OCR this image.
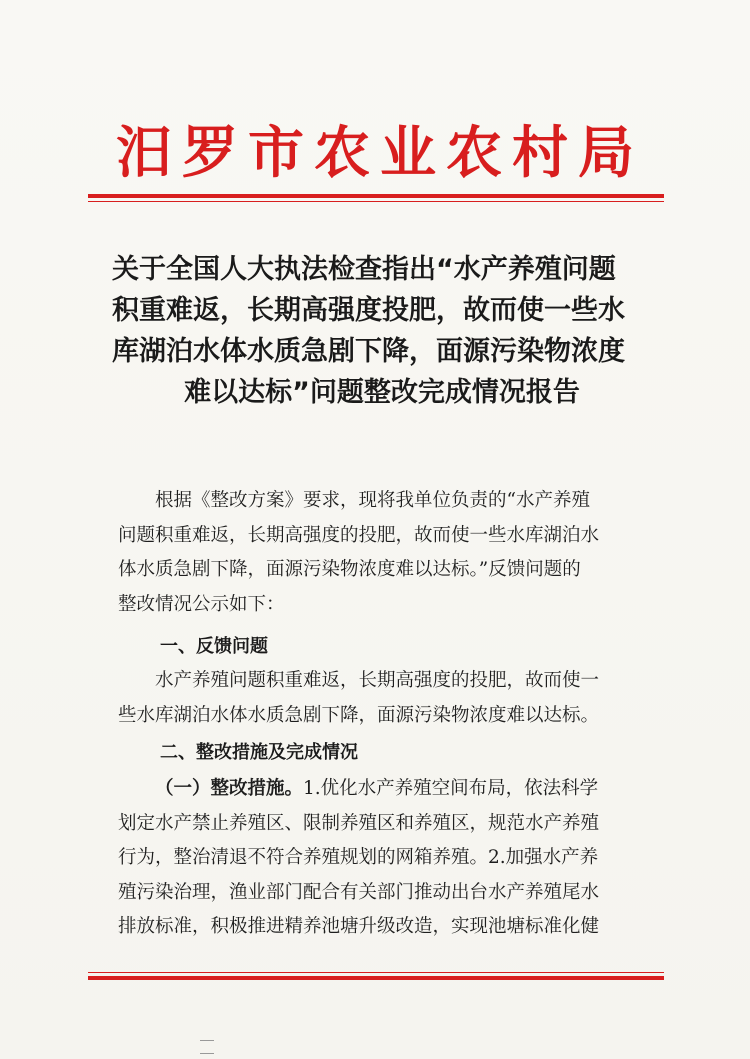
汨罗市农业农村局
关于全国人大执法检查指出“水产养殖问题
积重难返，长期高强度投肥，故而使一些水
库湖泊水体水质急剧下降，面源污染物浓度
难以达标”问题整改完成情况报告
根据《整改方案》要求，现将我单位负责的“水产养殖
问题积重难返，长期高强度的投肥，故而使一些水库湖泊水
体水质急剧下降，面源污染物浓度难以达标。”反馈问题的
整改情况公示如下：
一、反馈问题
水产养殖问题积重难返，长期高强度的投肥，故而使一
些水库湖泊水体水质急剧下降，面源污染物浓度难以达标。
二、整改措施及完成情况
（一）整改措施。1.优化水产养殖空间布局，依法科学
划定水产禁止养殖区、限制养殖区和养殖区，规范水产养殖
行为，整治清退不符合养殖规划的网箱养殖。2.加强水产养
殖污染治理，渔业部门配合有关部门推动出台水产养殖尾水
排放标准，积极推进精养池塘升级改造，实现池塘标准化健
